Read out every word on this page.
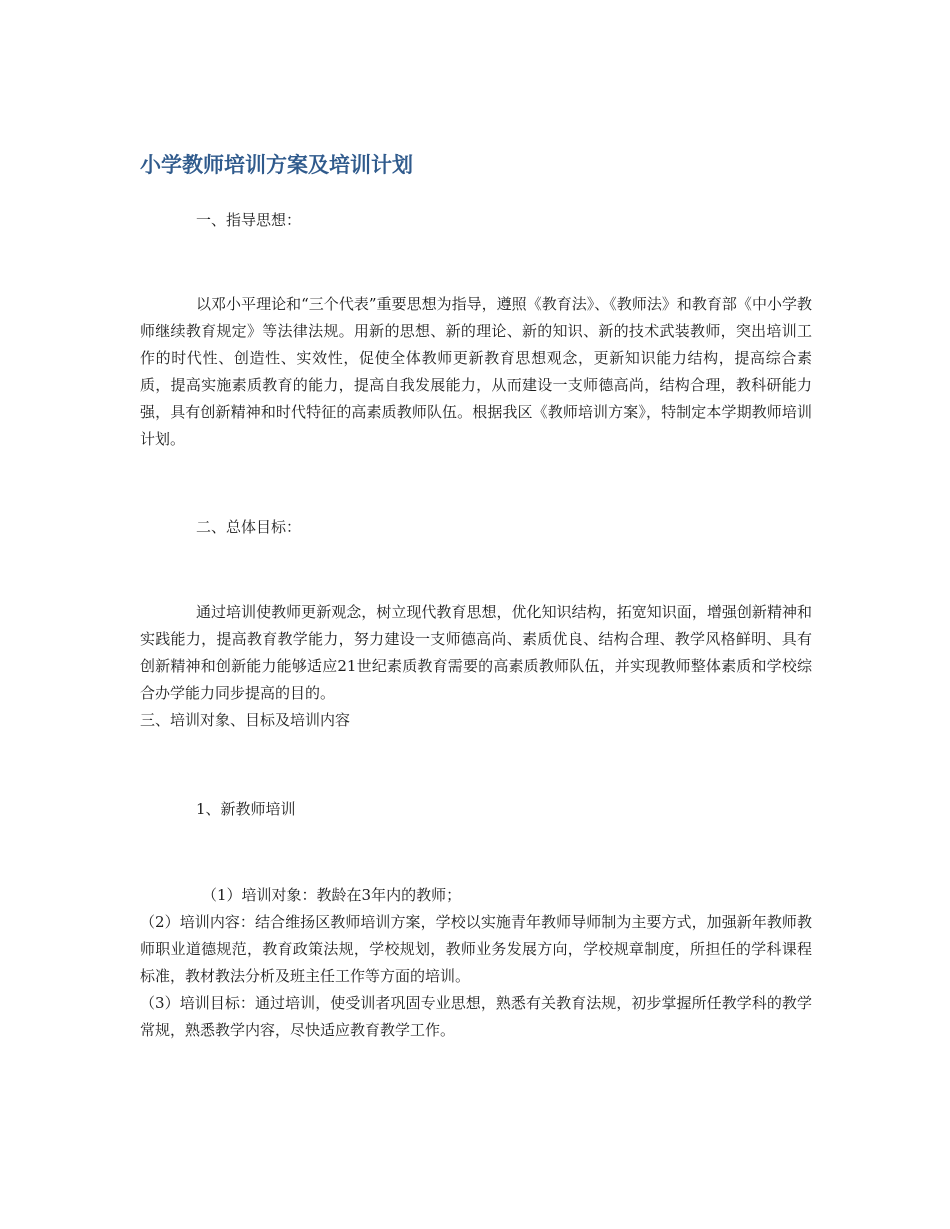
小学教师培训方案及培训计划

一、指导思想：

以邓小平理论和“三个代表”重要思想为指导，遵照《教育法》、《教师法》和教育部《中小学教师继续教育规定》等法律法规。用新的思想、新的理论、新的知识、新的技术武装教师，突出培训工作的时代性、创造性、实效性，促使全体教师更新教育思想观念，更新知识能力结构，提高综合素质，提高实施素质教育的能力，提高自我发展能力，从而建设一支师德高尚，结构合理，教科研能力强，具有创新精神和时代特征的高素质教师队伍。根据我区《教师培训方案》，特制定本学期教师培训计划。

二、总体目标：

通过培训使教师更新观念，树立现代教育思想，优化知识结构，拓宽知识面，增强创新精神和实践能力，提高教育教学能力，努力建设一支师德高尚、素质优良、结构合理、教学风格鲜明、具有创新精神和创新能力能够适应21世纪素质教育需要的高素质教师队伍，并实现教师整体素质和学校综合办学能力同步提高的目的。

三、培训对象、目标及培训内容

1、新教师培训

（1）培训对象：教龄在3年内的教师；

（2）培训内容：结合维扬区教师培训方案，学校以实施青年教师导师制为主要方式，加强新年教师教师职业道德规范，教育政策法规，学校规划，教师业务发展方向，学校规章制度，所担任的学科课程标准，教材教法分析及班主任工作等方面的培训。

（3）培训目标：通过培训，使受训者巩固专业思想，熟悉有关教育法规，初步掌握所任教学科的教学常规，熟悉教学内容，尽快适应教育教学工作。
